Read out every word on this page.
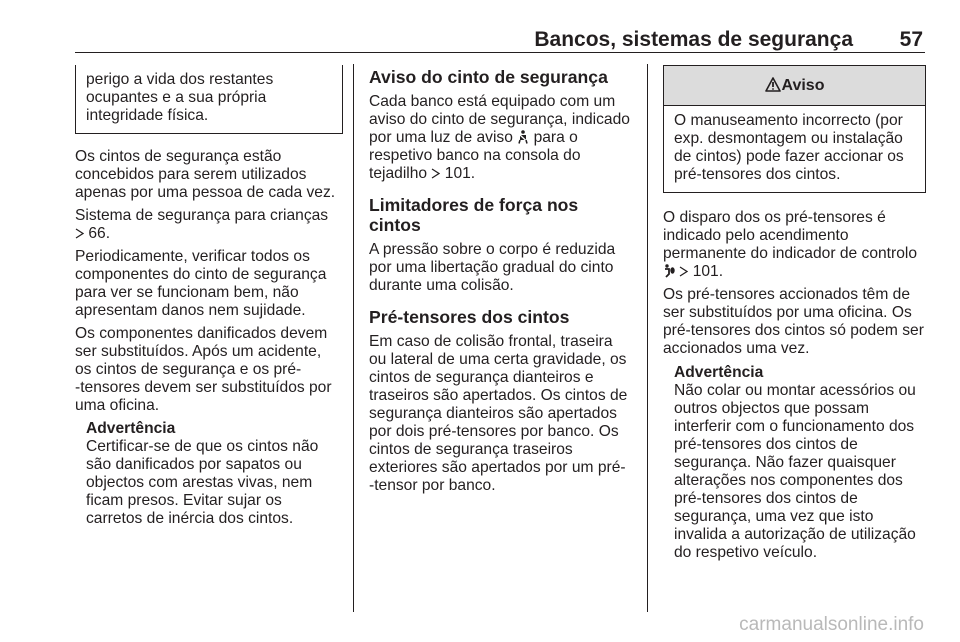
Bancos, sistemas de segurança 57
perigo a vida dos restantes
ocupantes e a sua própria
integridade física.

Os cintos de segurança estão
concebidos para serem utilizados
apenas por uma pessoa de cada vez.

Sistema de segurança para crianças
66.

Periodicamente, verificar todos os
componentes do cinto de segurança
para ver se funcionam bem, não
apresentam danos nem sujidade.

Os componentes danificados devem
ser substituídos. Após um acidente,
os cintos de segurança e os pré-
-tensores devem ser substituídos por
uma oficina.

Advertência
Certificar-se de que os cintos não
são danificados por sapatos ou
objectos com arestas vivas, nem
ficam presos. Evitar sujar os
carretos de inércia dos cintos.
Aviso do cinto de segurança

Cada banco está equipado com um
aviso do cinto de segurança, indicado
por uma luz de aviso para o
respetivo banco na consola do
tejadilho 101.

Limitadores de força nos cintos

A pressão sobre o corpo é reduzida
por uma libertação gradual do cinto
durante uma colisão.

Pré-tensores dos cintos

Em caso de colisão frontal, traseira
ou lateral de uma certa gravidade, os
cintos de segurança dianteiros e
traseiros são apertados. Os cintos de
segurança dianteiros são apertados
por dois pré-tensores por banco. Os
cintos de segurança traseiros
exteriores são apertados por um pré-
-tensor por banco.

Aviso
O manuseamento incorrecto (por
exp. desmontagem ou instalação
de cintos) pode fazer accionar os
pré-tensores dos cintos.

O disparo dos os pré-tensores é
indicado pelo acendimento
permanente do indicador de controlo
101.

Os pré-tensores accionados têm de
ser substituídos por uma oficina. Os
pré-tensores dos cintos só podem ser
accionados uma vez.

Advertência
Não colar ou montar acessórios ou
outros objectos que possam
interferir com o funcionamento dos
pré-tensores dos cintos de
segurança. Não fazer quaisquer
alterações nos componentes dos
pré-tensores dos cintos de
segurança, uma vez que isto
invalida a autorização de utilização
do respetivo veículo.
carmanualsonline.info
